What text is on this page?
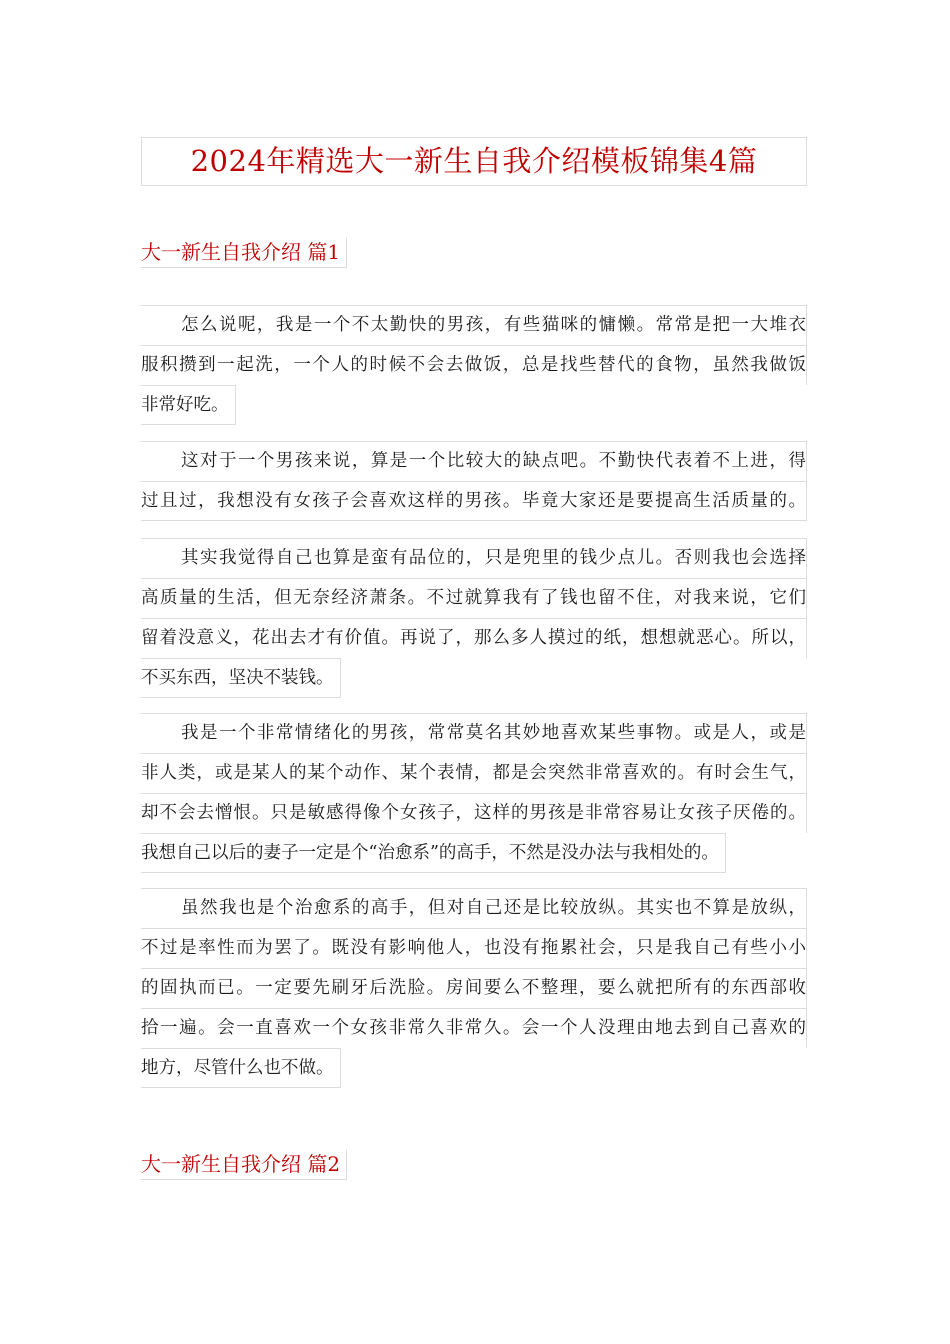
2024年精选大一新生自我介绍模板锦集4篇
大一新生自我介绍 篇1
怎么说呢，我是一个不太勤快的男孩，有些猫咪的慵懒。常常是把一大堆衣
服积攒到一起洗，一个人的时候不会去做饭，总是找些替代的食物，虽然我做饭
非常好吃。
这对于一个男孩来说，算是一个比较大的缺点吧。不勤快代表着不上进，得
过且过，我想没有女孩子会喜欢这样的男孩。毕竟大家还是要提高生活质量的。
其实我觉得自己也算是蛮有品位的，只是兜里的钱少点儿。否则我也会选择
高质量的生活，但无奈经济萧条。不过就算我有了钱也留不住，对我来说，它们
留着没意义，花出去才有价值。再说了，那么多人摸过的纸，想想就恶心。所以，
不买东西，坚决不装钱。
我是一个非常情绪化的男孩，常常莫名其妙地喜欢某些事物。或是人，或是
非人类，或是某人的某个动作、某个表情，都是会突然非常喜欢的。有时会生气，
却不会去憎恨。只是敏感得像个女孩子，这样的男孩是非常容易让女孩子厌倦的。
我想自己以后的妻子一定是个“治愈系”的高手，不然是没办法与我相处的。
虽然我也是个治愈系的高手，但对自己还是比较放纵。其实也不算是放纵，
不过是率性而为罢了。既没有影响他人，也没有拖累社会，只是我自己有些小小
的固执而已。一定要先刷牙后洗脸。房间要么不整理，要么就把所有的东西部收
拾一遍。会一直喜欢一个女孩非常久非常久。会一个人没理由地去到自己喜欢的
地方，尽管什么也不做。
大一新生自我介绍 篇2
